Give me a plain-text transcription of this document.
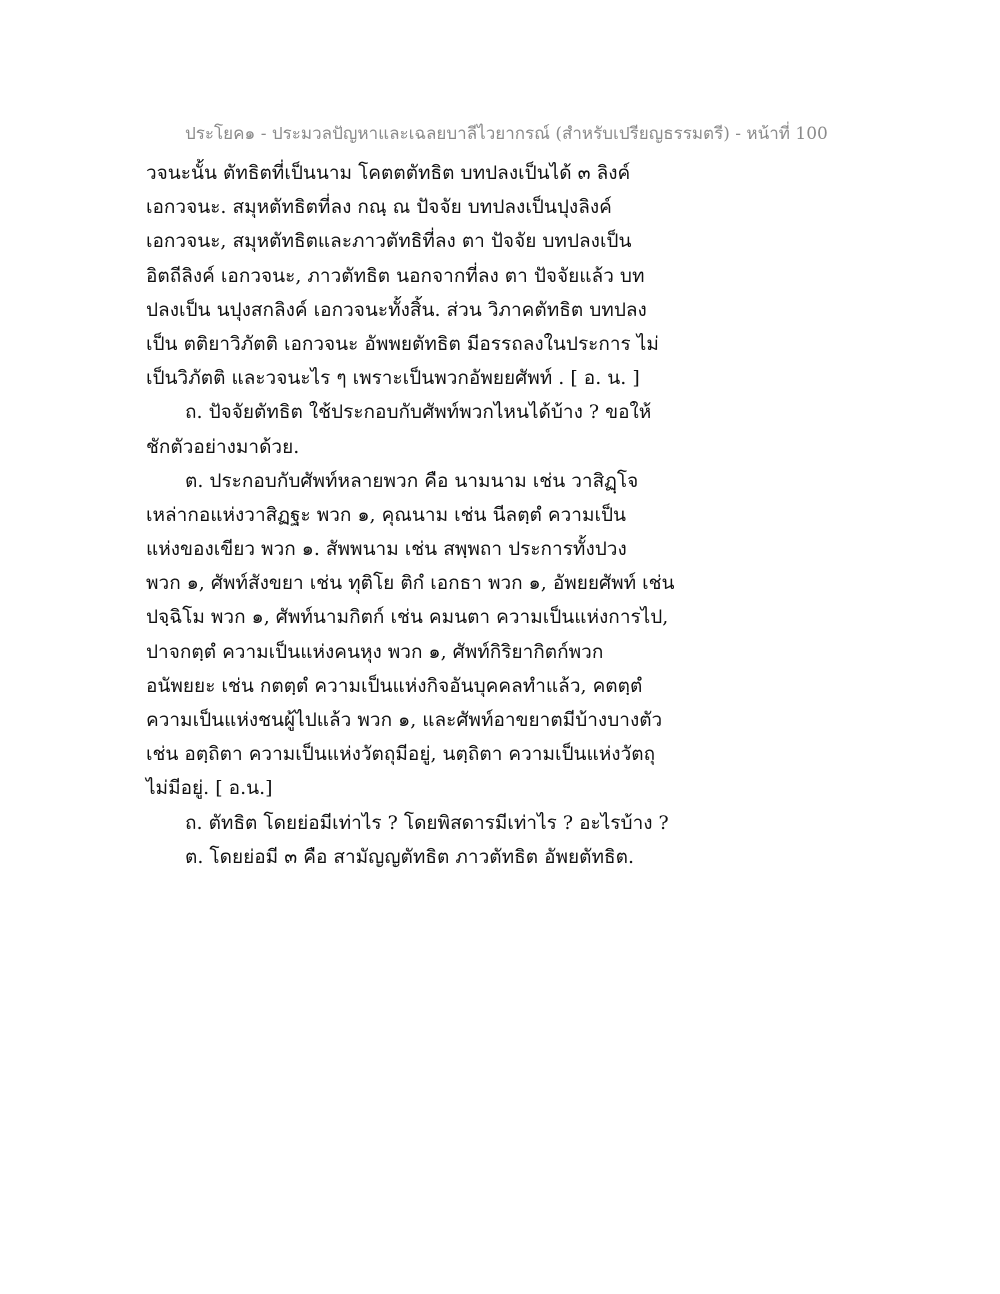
ประโยค๑ - ประมวลปัญหาและเฉลยบาลีไวยากรณ์ (สำหรับเปรียญธรรมตรี) - หน้าที่ 100
วจนะนั้น ตัทธิตที่เป็นนาม โคตตตัทธิต บทปลงเป็นได้ ๓ ลิงค์
เอกวจนะ. สมุหตัทธิตที่ลง กณฺ ณ ปัจจัย บทปลงเป็นปุงลิงค์
เอกวจนะ, สมุหตัทธิตและภาวตัทธิที่ลง ตา ปัจจัย บทปลงเป็น
อิตถีลิงค์ เอกวจนะ, ภาวตัทธิต นอกจากที่ลง ตา ปัจจัยแล้ว บท
ปลงเป็น นปุงสกลิงค์ เอกวจนะทั้งสิ้น. ส่วน วิภาคตัทธิต บทปลง
เป็น ตติยาวิภัตติ เอกวจนะ อัพพยตัทธิต มีอรรถลงในประการ ไม่
เป็นวิภัตติ และวจนะไร ๆ เพราะเป็นพวกอัพยยศัพท์ . [ อ. น. ]
ถ. ปัจจัยตัทธิต ใช้ประกอบกับศัพท์พวกไหนได้บ้าง ? ขอให้
ชักตัวอย่างมาด้วย.
ต. ประกอบกับศัพท์หลายพวก คือ นามนาม เช่น วาสิฏฺโจ
เหล่ากอแห่งวาสิฏฐะ พวก ๑, คุณนาม เช่น นีลตฺตํ ความเป็น
แห่งของเขียว พวก ๑. สัพพนาม เช่น สพฺพถา ประการทั้งปวง
พวก ๑, ศัพท์สังขยา เช่น ทุติโย ติกํ เอกธา พวก ๑, อัพยยศัพท์ เช่น
ปจฺฉิโม พวก ๑, ศัพท์นามกิตก์ เช่น คมนตา ความเป็นแห่งการไป,
ปาจกตฺตํ ความเป็นแห่งคนหุง พวก ๑, ศัพท์กิริยากิตก์พวก
อนัพยยะ เช่น กตตฺตํ ความเป็นแห่งกิจอันบุคคลทำแล้ว, คตตฺตํ
ความเป็นแห่งชนผู้ไปแล้ว พวก ๑, และศัพท์อาขยาตมีบ้างบางตัว
เช่น อตฺถิตา ความเป็นแห่งวัตถุมีอยู่, นตฺถิตา ความเป็นแห่งวัตถุ
ไม่มีอยู่. [ อ.น.]
ถ. ตัทธิต โดยย่อมีเท่าไร ? โดยพิสดารมีเท่าไร ? อะไรบ้าง ?
ต. โดยย่อมี ๓ คือ สามัญญตัทธิต ภาวตัทธิต อัพยตัทธิต.
